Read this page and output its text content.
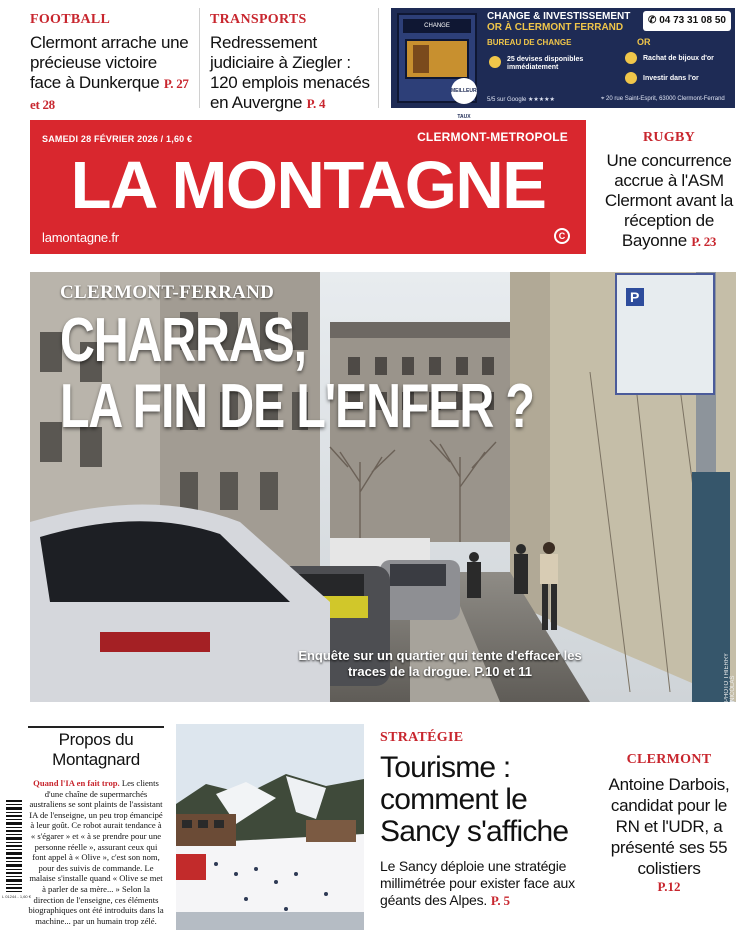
FOOTBALL
Clermont arrache une précieuse victoire face à Dunkerque P. 27 et 28
TRANSPORTS
Redressement judiciaire à Ziegler : 120 emplois menacés en Auvergne P. 4
CHANGE
MEILLEURE TAUX
CHANGE & INVESTISSEMENT
OR À CLERMONT FERRAND
✆ 04 73 31 08 50
BUREAU DE CHANGE	OR
25 devises disponibles immédiatement
Rachat de bijoux d'or
Investir dans l'or
5/5 sur Google ★★★★★	⌖ 20 rue Saint-Esprit, 63000 Clermont-Ferrand
SAMEDI 28 FÉVRIER 2026 / 1,60 €	CLERMONT-METROPOLE
LA MONTAGNE
lamontagne.fr	C
RUGBY
Une concurrence accrue à l'ASM Clermont avant la réception de Bayonne P. 23
P
CLERMONT-FERRAND
CHARRAS,
LA FIN DE L'ENFER ?
Enquête sur un quartier qui tente d'effacer les traces de la drogue. P.10 et 11	PHOTO THIERRY NICOLAS
Propos du Montagnard
Quand l'IA en fait trop. Les clients d'une chaîne de supermarchés australiens se sont plaints de l'assistant IA de l'enseigne, un peu trop émancipé à leur goût. Ce robot aurait tendance à « s'égarer » et « à se prendre pour une personne réelle », assurant ceux qui font appel à « Olive », c'est son nom, pour des suivis de commande. Le malaise s'installe quand « Olive se met à parler de sa mère... » Selon la direction de l'enseigne, ces éléments biographiques ont été introduits dans la machine... par un humain trop zélé.
L 01244 - 1,60 €
STRATÉGIE
Tourisme : comment le Sancy s'affiche
Le Sancy déploie une stratégie millimétrée pour exister face aux géants des Alpes. P. 5
CLERMONT
Antoine Darbois, candidat pour le RN et l'UDR, a présenté ses 55 colistiers
P.12
